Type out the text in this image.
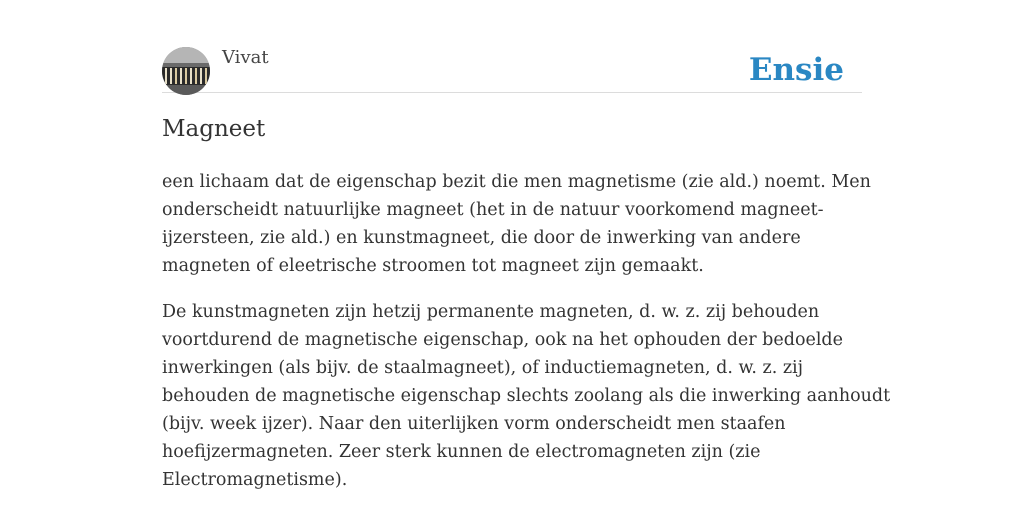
Vivat	Ensie
Magneet

een lichaam dat de eigenschap bezit die men magnetisme (zie ald.) noemt. Men
onderscheidt natuurlijke magneet (het in de natuur voorkomend magneet-
ijzersteen, zie ald.) en kunstmagneet, die door de inwerking van andere
magneten of eleetrische stroomen tot magneet zijn gemaakt.

De kunstmagneten zijn hetzij permanente magneten, d. w. z. zij behouden
voortdurend de magnetische eigenschap, ook na het ophouden der bedoelde
inwerkingen (als bijv. de staalmagneet), of inductiemagneten, d. w. z. zij
behouden de magnetische eigenschap slechts zoolang als die inwerking aanhoudt
(bijv. week ijzer). Naar den uiterlijken vorm onderscheidt men staafen
hoefijzermagneten. Zeer sterk kunnen de electromagneten zijn (zie
Electromagnetisme).
